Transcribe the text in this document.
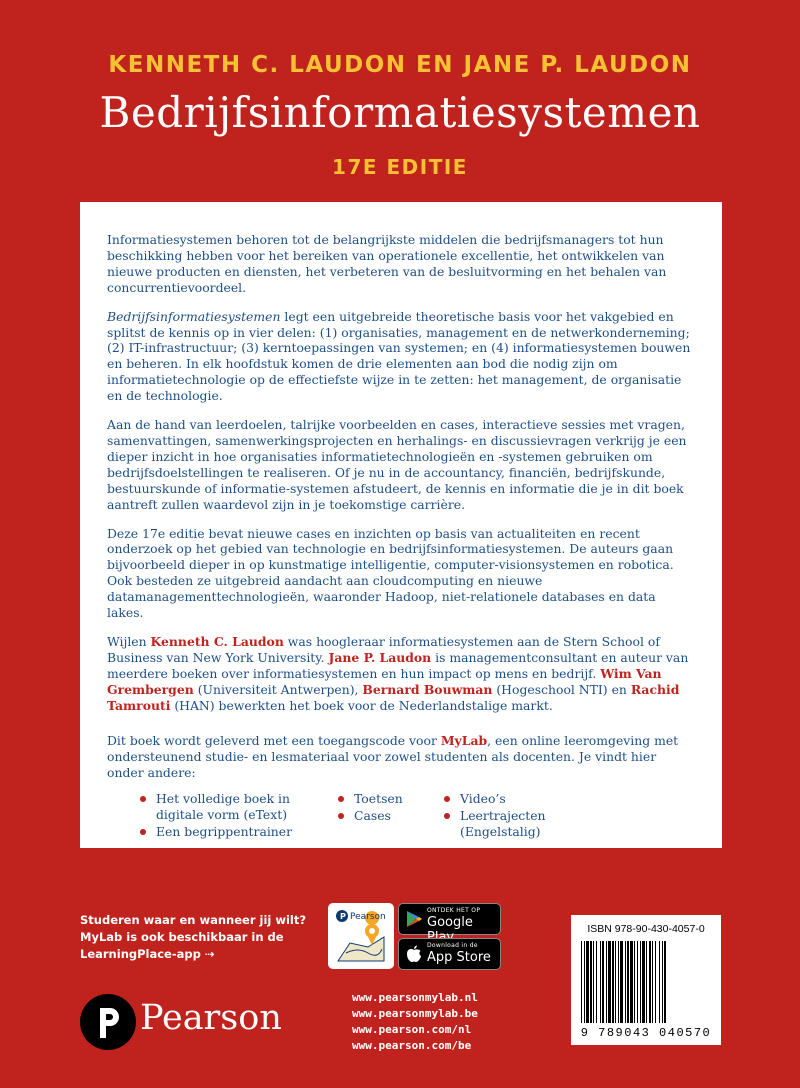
KENNETH C. LAUDON EN JANE P. LAUDON
Bedrijfsinformatiesystemen
17E EDITIE

Informatiesystemen behoren tot de belangrijkste middelen die bedrijfsmanagers tot hun beschikking hebben voor het bereiken van operationele excellentie, het ontwikkelen van nieuwe producten en diensten, het verbeteren van de besluitvorming en het behalen van concurrentievoordeel.

Bedrijfsinformatiesystemen legt een uitgebreide theoretische basis voor het vakgebied en splitst de kennis op in vier delen: (1) organisaties, management en de netwerkonderneming; (2) IT-infrastructuur; (3) kerntoepassingen van systemen; en (4) informatiesystemen bouwen en beheren. In elk hoofdstuk komen de drie elementen aan bod die nodig zijn om informatietechnologie op de effectiefste wijze in te zetten: het management, de organisatie en de technologie.

Aan de hand van leerdoelen, talrijke voorbeelden en cases, interactieve sessies met vragen, samenvattingen, samenwerkingsprojecten en herhalings- en discussievragen verkrijg je een dieper inzicht in hoe organisaties informatietechnologieën en -systemen gebruiken om bedrijfsdoelstellingen te realiseren. Of je nu in de accountancy, financiën, bedrijfskunde, bestuurskunde of informatie-systemen afstudeert, de kennis en informatie die je in dit boek aantreft zullen waardevol zijn in je toekomstige carrière.

Deze 17e editie bevat nieuwe cases en inzichten op basis van actualiteiten en recent onderzoek op het gebied van technologie en bedrijfsinformatiesystemen. De auteurs gaan bijvoorbeeld dieper in op kunstmatige intelligentie, computer-visionsystemen en robotica. Ook besteden ze uitgebreid aandacht aan cloudcomputing en nieuwe datamanagementtechnologieën, waaronder Hadoop, niet-relationele databases en data lakes.

Wijlen Kenneth C. Laudon was hoogleraar informatiesystemen aan de Stern School of Business van New York University. Jane P. Laudon is managementconsultant en auteur van meerdere boeken over informatiesystemen en hun impact op mens en bedrijf. Wim Van Grembergen (Universiteit Antwerpen), Bernard Bouwman (Hogeschool NTI) en Rachid Tamrouti (HAN) bewerkten het boek voor de Nederlandstalige markt.

Dit boek wordt geleverd met een toegangscode voor MyLab, een online leeromgeving met ondersteunend studie- en lesmateriaal voor zowel studenten als docenten. Je vindt hier onder andere:

Het volledige boek in digitale vorm (eText)
Een begrippentrainer
Toetsen
Cases
Video’s
Leertrajecten (Engelstalig)
Studeren waar en wanneer jij wilt?
MyLab is ook beschikbaar in de
LearningPlace-app ⇢
Pearson
P Pearson
ONTDEK HET OP
Google
Download in de
App Store
www.pearsonmylab.nl
www.pearsonmylab.be
www.pearson.com/nl
www.pearson.com/be
ISBN 978-90-430-4057-0
9 789043 040570
